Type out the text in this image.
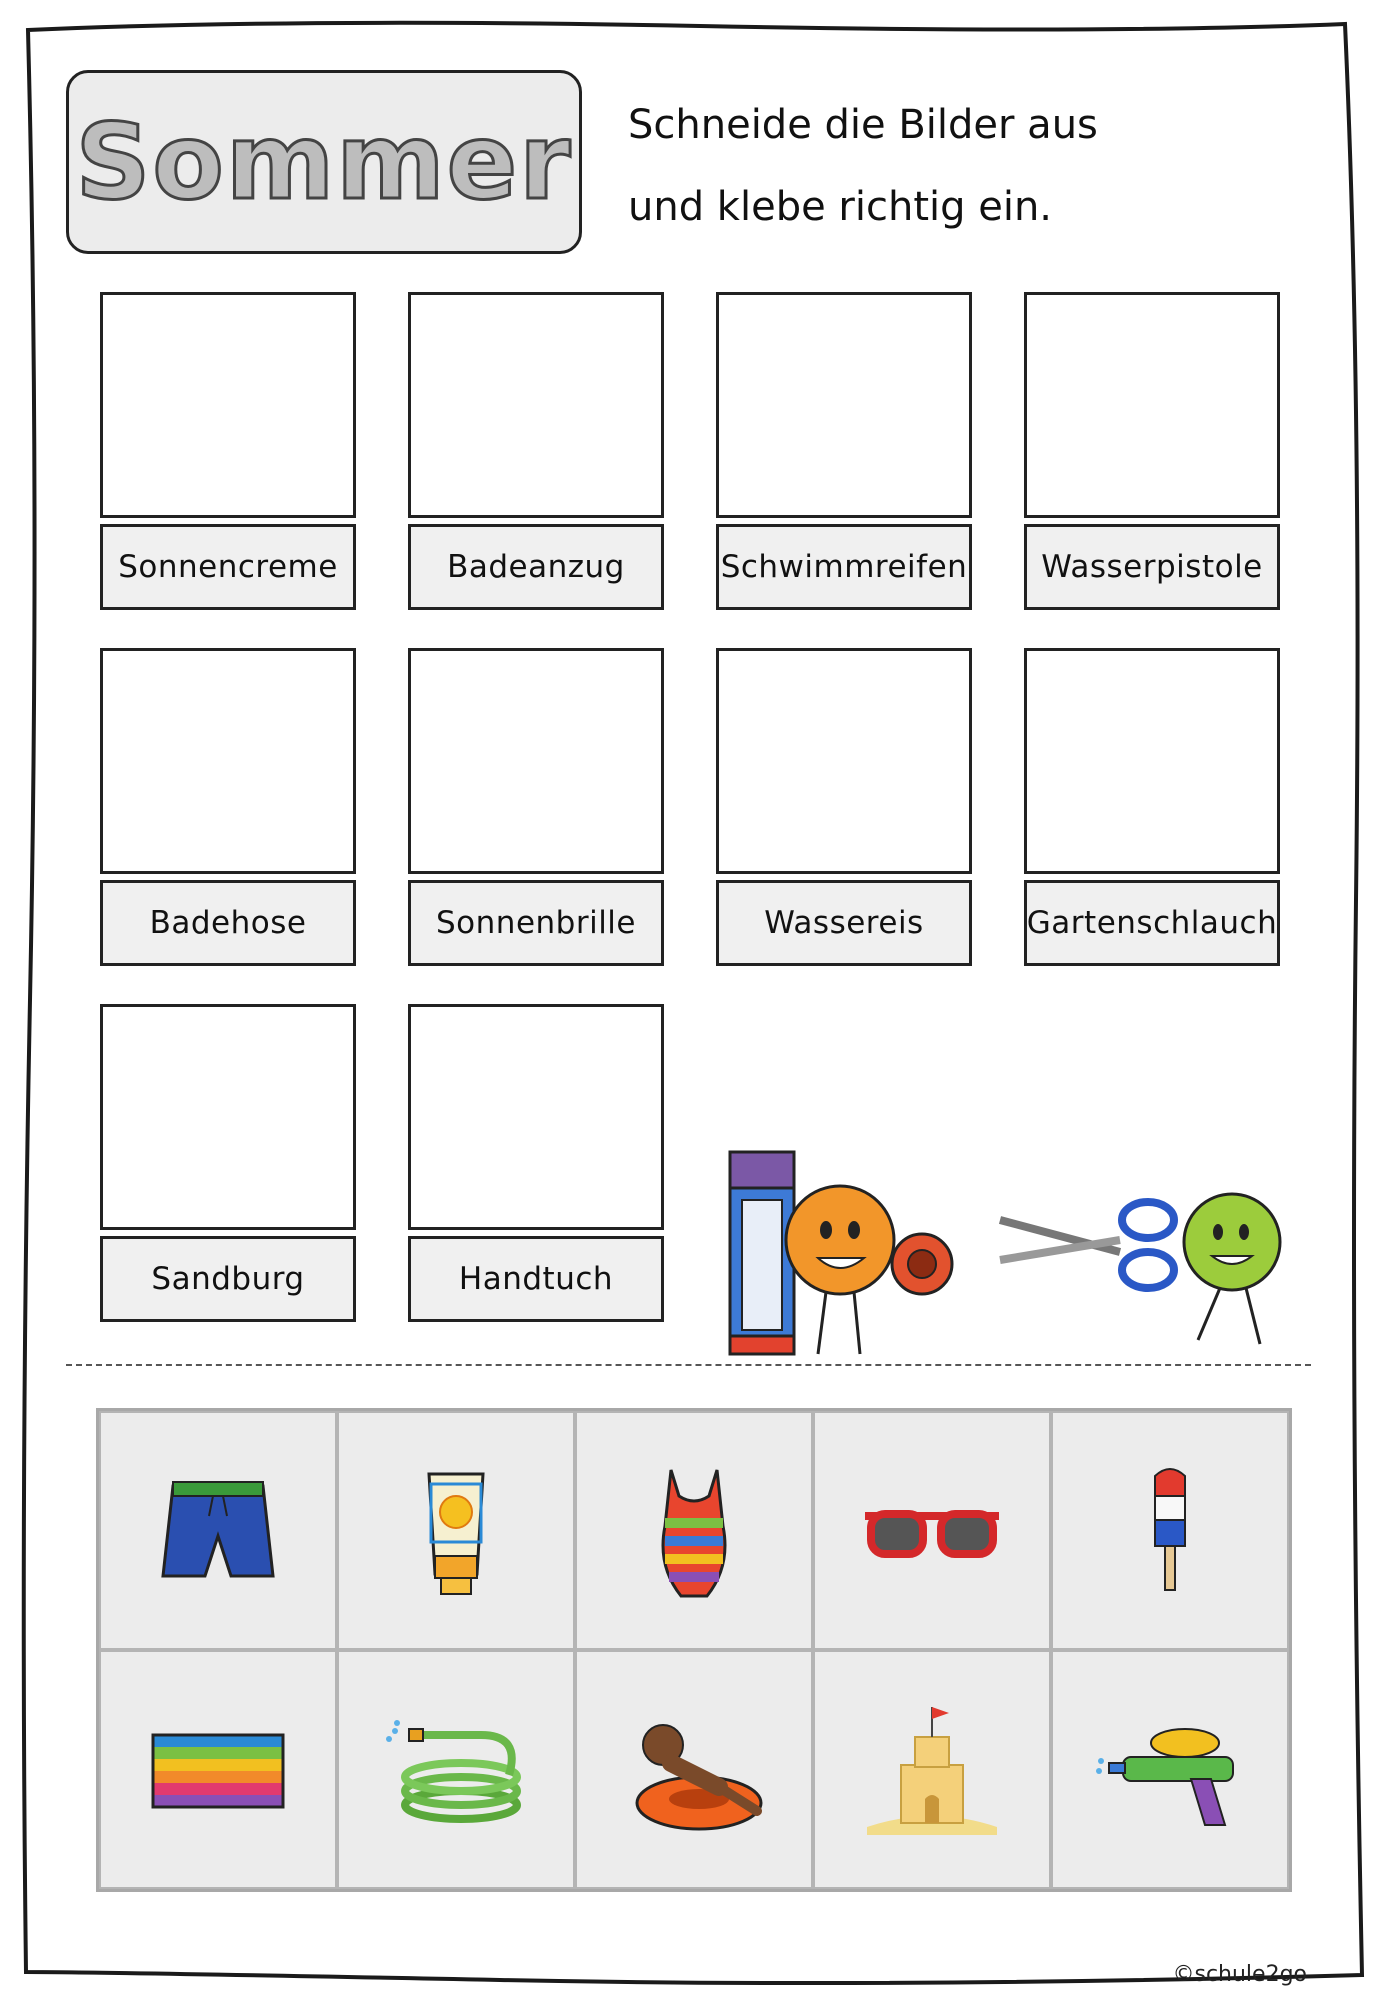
Sommer Schneide die Bilder aus
und klebe richtig ein.
Sonnencreme	Badeanzug	Schwimmreifen	Wasserpistole
Badehose	Sonnenbrille	Wassereis	Gartenschlauch
Sandburg	Handtuch
©schule2go
